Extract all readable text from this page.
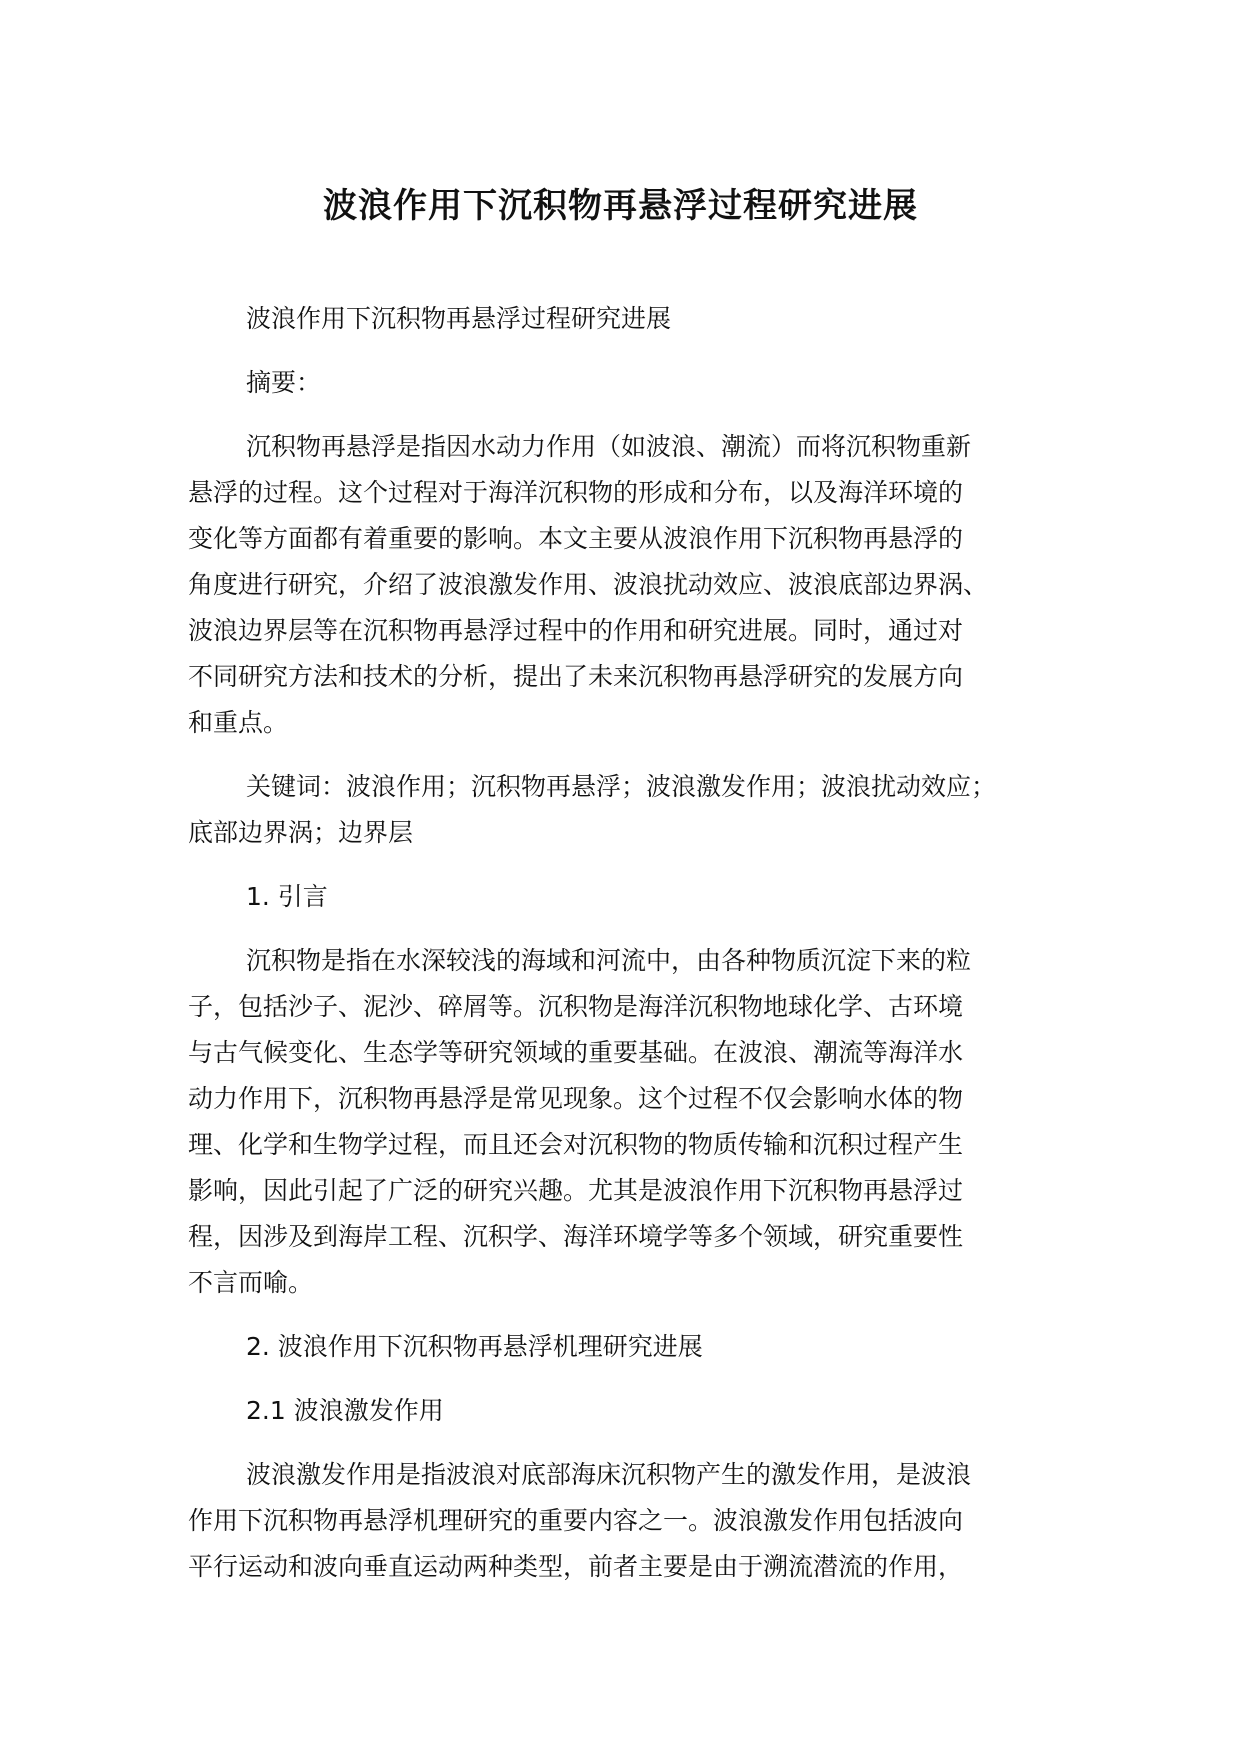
波浪作用下沉积物再悬浮过程研究进展

波浪作用下沉积物再悬浮过程研究进展

摘要：

沉积物再悬浮是指因水动力作用（如波浪、潮流）而将沉积物重新
悬浮的过程。这个过程对于海洋沉积物的形成和分布，以及海洋环境的
变化等方面都有着重要的影响。本文主要从波浪作用下沉积物再悬浮的
角度进行研究，介绍了波浪激发作用、波浪扰动效应、波浪底部边界涡、
波浪边界层等在沉积物再悬浮过程中的作用和研究进展。同时，通过对
不同研究方法和技术的分析，提出了未来沉积物再悬浮研究的发展方向
和重点。

关键词：波浪作用；沉积物再悬浮；波浪激发作用；波浪扰动效应；
底部边界涡；边界层

1. 引言

沉积物是指在水深较浅的海域和河流中，由各种物质沉淀下来的粒
子，包括沙子、泥沙、碎屑等。沉积物是海洋沉积物地球化学、古环境
与古气候变化、生态学等研究领域的重要基础。在波浪、潮流等海洋水
动力作用下，沉积物再悬浮是常见现象。这个过程不仅会影响水体的物
理、化学和生物学过程，而且还会对沉积物的物质传输和沉积过程产生
影响，因此引起了广泛的研究兴趣。尤其是波浪作用下沉积物再悬浮过
程，因涉及到海岸工程、沉积学、海洋环境学等多个领域，研究重要性
不言而喻。

2. 波浪作用下沉积物再悬浮机理研究进展

2.1 波浪激发作用

波浪激发作用是指波浪对底部海床沉积物产生的激发作用，是波浪
作用下沉积物再悬浮机理研究的重要内容之一。波浪激发作用包括波向
平行运动和波向垂直运动两种类型，前者主要是由于溯流潜流的作用，
